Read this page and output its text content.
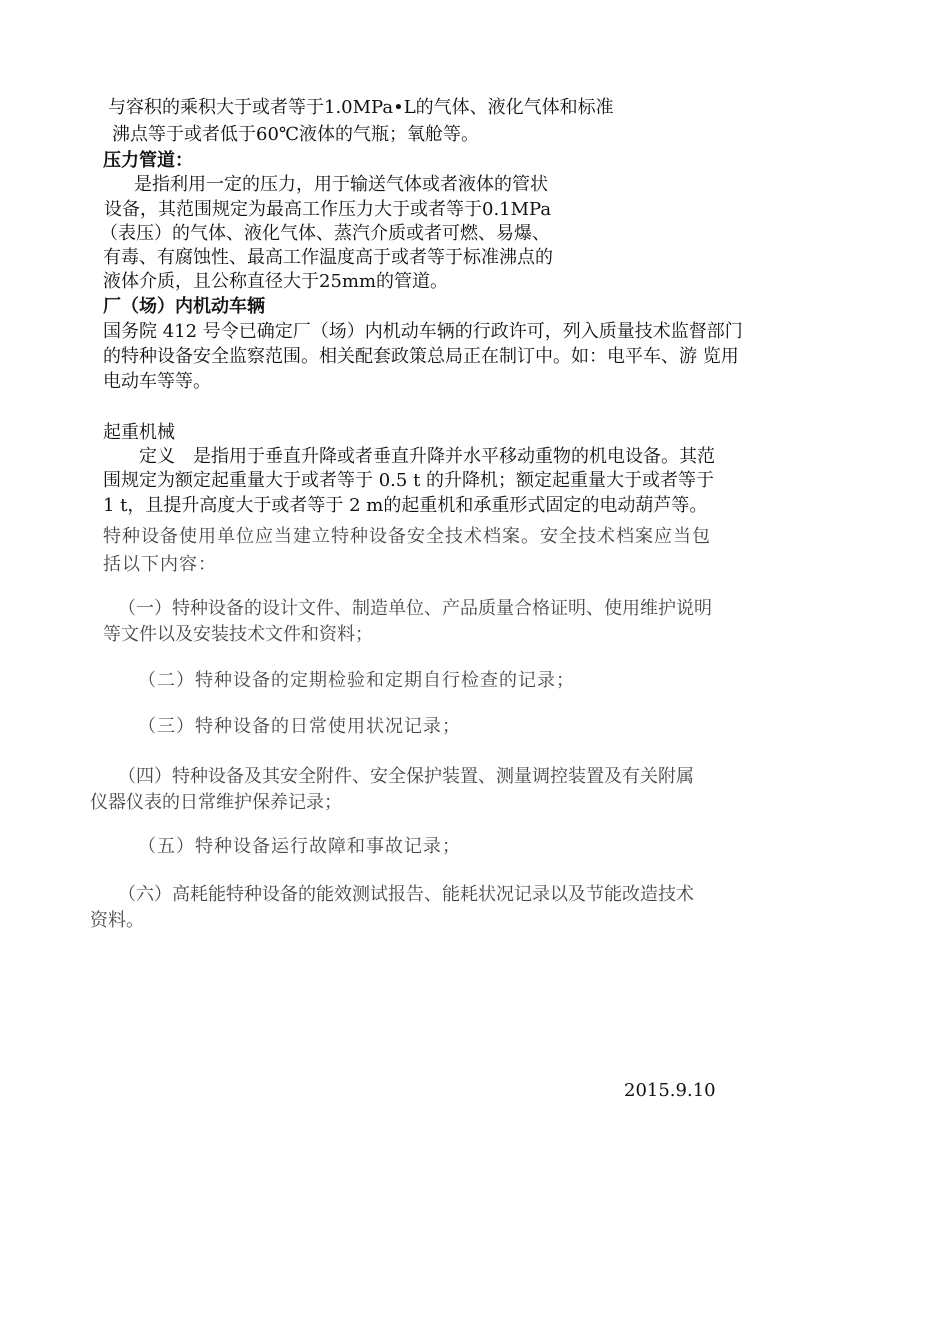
与容积的乘积大于或者等于1.0MPa•L的气体、液化气体和标准
沸点等于或者低于60℃液体的气瓶；氧舱等。
压力管道：
是指利用一定的压力，用于输送气体或者液体的管状
设备，其范围规定为最高工作压力大于或者等于0.1MPa
（表压）的气体、液化气体、蒸汽介质或者可燃、易爆、
有毒、有腐蚀性、最高工作温度高于或者等于标准沸点的
液体介质，且公称直径大于25mm的管道。
厂（场）内机动车辆
国务院 412 号令已确定厂（场）内机动车辆的行政许可，列入质量技术监督部门
的特种设备安全监察范围。相关配套政策总局正在制订中。如：电平车、游 览用
电动车等等。
起重机械
定义　是指用于垂直升降或者垂直升降并水平移动重物的机电设备。其范
围规定为额定起重量大于或者等于 0.5 t 的升降机；额定起重量大于或者等于
1 t，且提升高度大于或者等于 2 m的起重机和承重形式固定的电动葫芦等。
特种设备使用单位应当建立特种设备安全技术档案。安全技术档案应当包
括以下内容：
（一）特种设备的设计文件、制造单位、产品质量合格证明、使用维护说明
等文件以及安装技术文件和资料；
（二）特种设备的定期检验和定期自行检查的记录；
（三）特种设备的日常使用状况记录；
（四）特种设备及其安全附件、安全保护装置、测量调控装置及有关附属
仪器仪表的日常维护保养记录；
（五）特种设备运行故障和事故记录；
（六）高耗能特种设备的能效测试报告、能耗状况记录以及节能改造技术
资料。
2015.9.10
